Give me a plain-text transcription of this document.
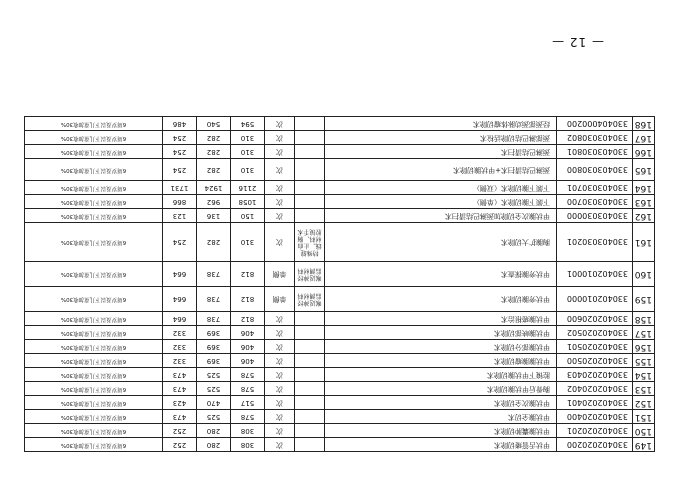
— 12 —
149	330402020200	甲状舌管瘘切除术		次	308	280	252	6周岁及以下儿童加收30%
150	330402020201	甲状腺囊肿切除术		次	308	280	252	6周岁及以下儿童加收30%
151	330402020400	甲状腺全切术		次	578	525	473	6周岁及以下儿童加收30%
152	330402020401	甲状腺次全切除术		次	517	470	423	6周岁及以下儿童加收30%
153	330402020402	胸骨后甲状腺切除术		次	578	525	473	6周岁及以下儿童加收30%
154	330402020403	腔镜下甲状腺切除术		次	578	525	473	6周岁及以下儿童加收30%
155	330402020500	甲状腺腺瘤切除术		次	406	369	332	6周岁及以下儿童加收30%
156	330402020501	甲状腺部分切除术		次	406	369	332	6周岁及以下儿童加收30%
157	330402020502	甲状腺峡部切除术		次	406	369	332	6周岁及以下儿童加收30%
158	330402020600	甲状腺癌根治术		次	812	738	664	6周岁及以下儿童加收30%
159	330402010000	甲状旁腺切除术	喉返神经监测材料	单侧	812	738	664	6周岁及以下儿童加收30%
160	330402010001	甲状旁腺探查术	喉返神经监测材料	单侧	812	738	664	6周岁及以下儿童加收30%
161	330403030201	胸腺扩大切除术	特殊缝线、止血材料、胸腔镜手术	次	310	282	254	6周岁及以下儿童加收30%
162	330403030000	甲状腺次全切除加颈淋巴结清扫术		次	150	136	123	6周岁及以下儿童加收30%
163	330403030700	下颌下腺切除术（单侧）		次	1058	962	866	6周岁及以下儿童加收30%
164	330403030701	下颌下腺切除术（双侧）		次	2116	1924	1731	6周岁及以下儿童加收30%
165	330403030800	颈淋巴结清扫术+甲状腺切除术		次	310	282	254	6周岁及以下儿童加收30%
166	330403030801	颈淋巴结清扫术		次	310	282	254	6周岁及以下儿童加收30%
167	330403030802	颈部淋巴结切除活检术		次	310	282	254	6周岁及以下儿童加收30%
168	330404000200	经颈部颈动脉体瘤切除术		次	594	540	486	6周岁及以下儿童加收30%
